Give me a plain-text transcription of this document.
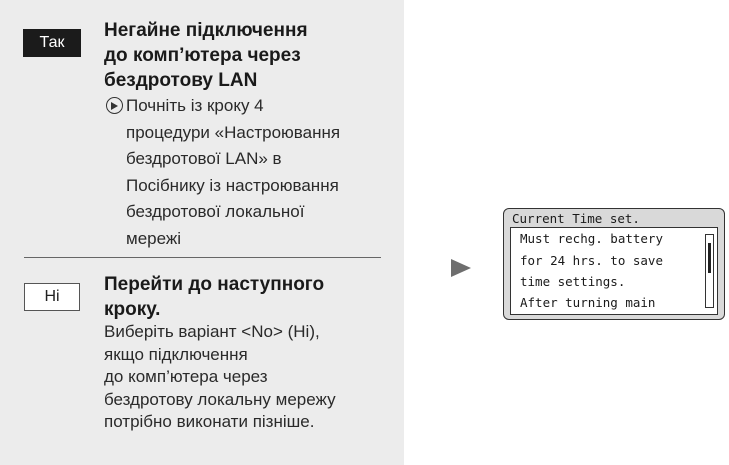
Так
Негайне підключення
до комп’ютера через
бездротову LAN
Почніть із кроку 4
процедури «Настроювання
бездротової LAN» в
Посібнику із настроювання
бездротової локальної
мережі
Ні
Перейти до наступного
кроку.
Виберіть варіант <No> (Ні),
якщо підключення
до комп’ютера через
бездротову локальну мережу
потрібно виконати пізніше.
Current Time set.
Must rechg. battery
for 24 hrs. to save
time settings.
After turning main
